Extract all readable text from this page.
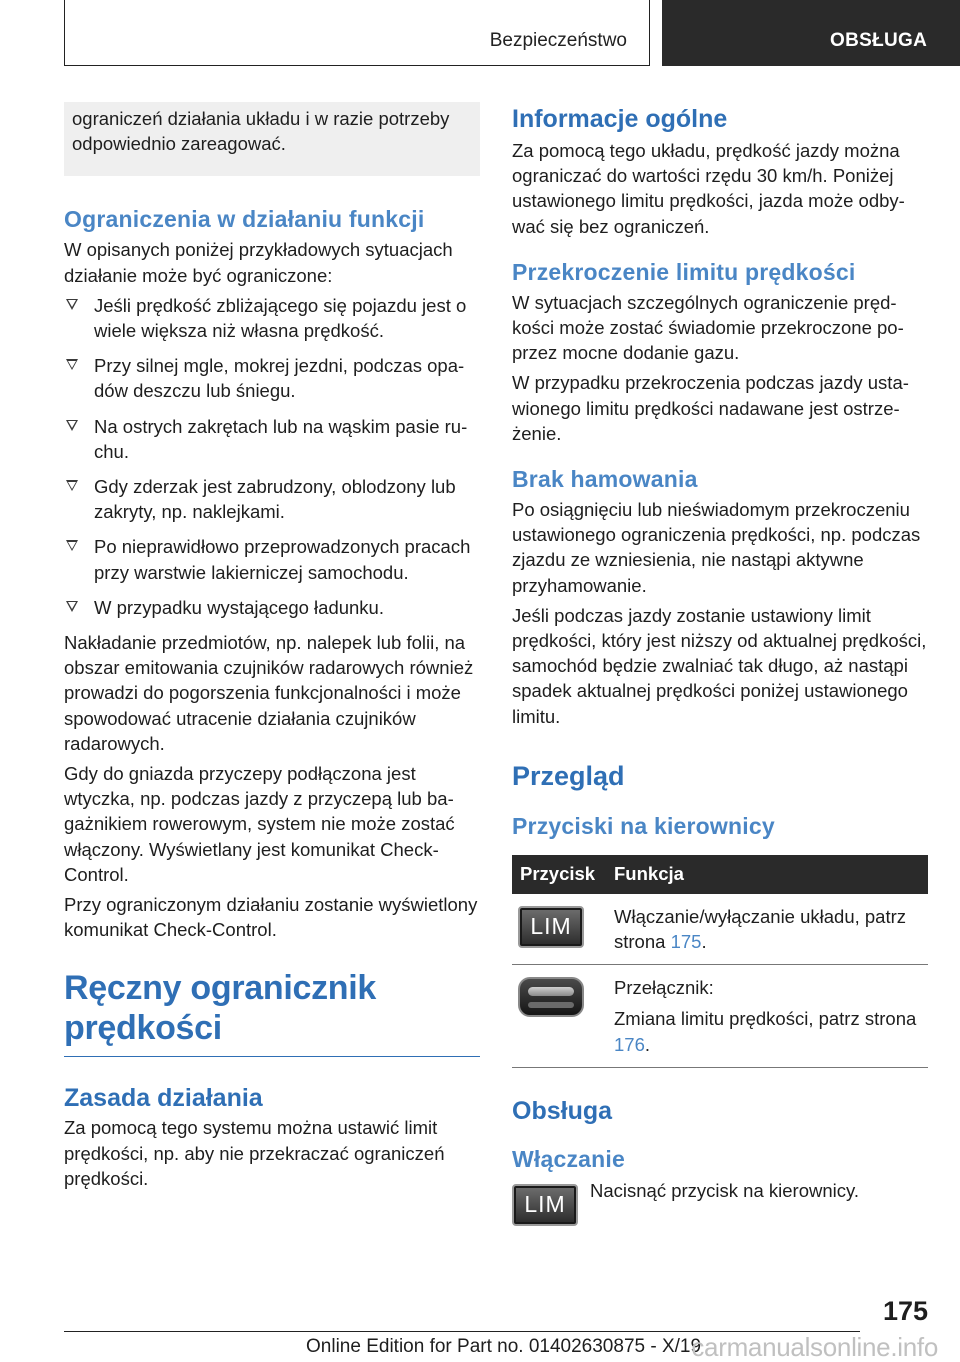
Bezpieczeństwo	OBSŁUGA
ograniczeń działania układu i w razie potrzeby odpowiednio zareagować.
Ograniczenia w działaniu funkcji

W opisanych poniżej przykładowych sytuacjach działanie może być ograniczone:

Jeśli prędkość zbliżającego się pojazdu jest o wiele większa niż własna prędkość.
Przy silnej mgle, mokrej jezdni, podczas opadów deszczu lub śniegu.
Na ostrych zakrętach lub na wąskim pasie ruchu.
Gdy zderzak jest zabrudzony, oblodzony lub zakryty, np. naklejkami.
Po nieprawidłowo przeprowadzonych pracach przy warstwie lakierniczej samochodu.
W przypadku wystającego ładunku.

Nakładanie przedmiotów, np. nalepek lub folii, na obszar emitowania czujników radarowych również prowadzi do pogorszenia funkcjonalności i może spowodować utracenie działania czujników radarowych.

Gdy do gniazda przyczepy podłączona jest wtyczka, np. podczas jazdy z przyczepą lub bagażnikiem rowerowym, system nie może zostać włączony. Wyświetlany jest komunikat Check-Control.

Przy ograniczonym działaniu zostanie wyświetlony komunikat Check-Control.

Ręczny ogranicznik prędkości
Zasada działania

Za pomocą tego systemu można ustawić limit prędkości, np. aby nie przekraczać ograniczeń prędkości.

Informacje ogólne

Za pomocą tego układu, prędkość jazdy można ograniczać do wartości rzędu 30 km/h. Poniżej ustawionego limitu prędkości, jazda może odbywać się bez ograniczeń.

Przekroczenie limitu prędkości

W sytuacjach szczególnych ograniczenie prędkości może zostać świadomie przekroczone poprzez mocne dodanie gazu.

W przypadku przekroczenia podczas jazdy ustawionego limitu prędkości nadawane jest ostrzeżenie.

Brak hamowania

Po osiągnięciu lub nieświadomym przekroczeniu ustawionego ograniczenia prędkości, np. podczas zjazdu ze wzniesienia, nie nastąpi aktywne przyhamowanie.

Jeśli podczas jazdy zostanie ustawiony limit prędkości, który jest niższy od aktualnej prędkości, samochód będzie zwalniać tak długo, aż nastąpi spadek aktualnej prędkości poniżej ustawionego limitu.

Przegląd
Przyciski na kierownicy
Przycisk	Funkcja

LIM	Włączanie/wyłączanie układu, patrz strona 175.

	Przełącznik:
Zmiana limitu prędkości, patrz strona 176.
Obsługa
Włączanie
LIM

Nacisnąć przycisk na kierownicy.

175
Online Edition for Part no. 01402630875 - X/19
carmanualsonline.info
